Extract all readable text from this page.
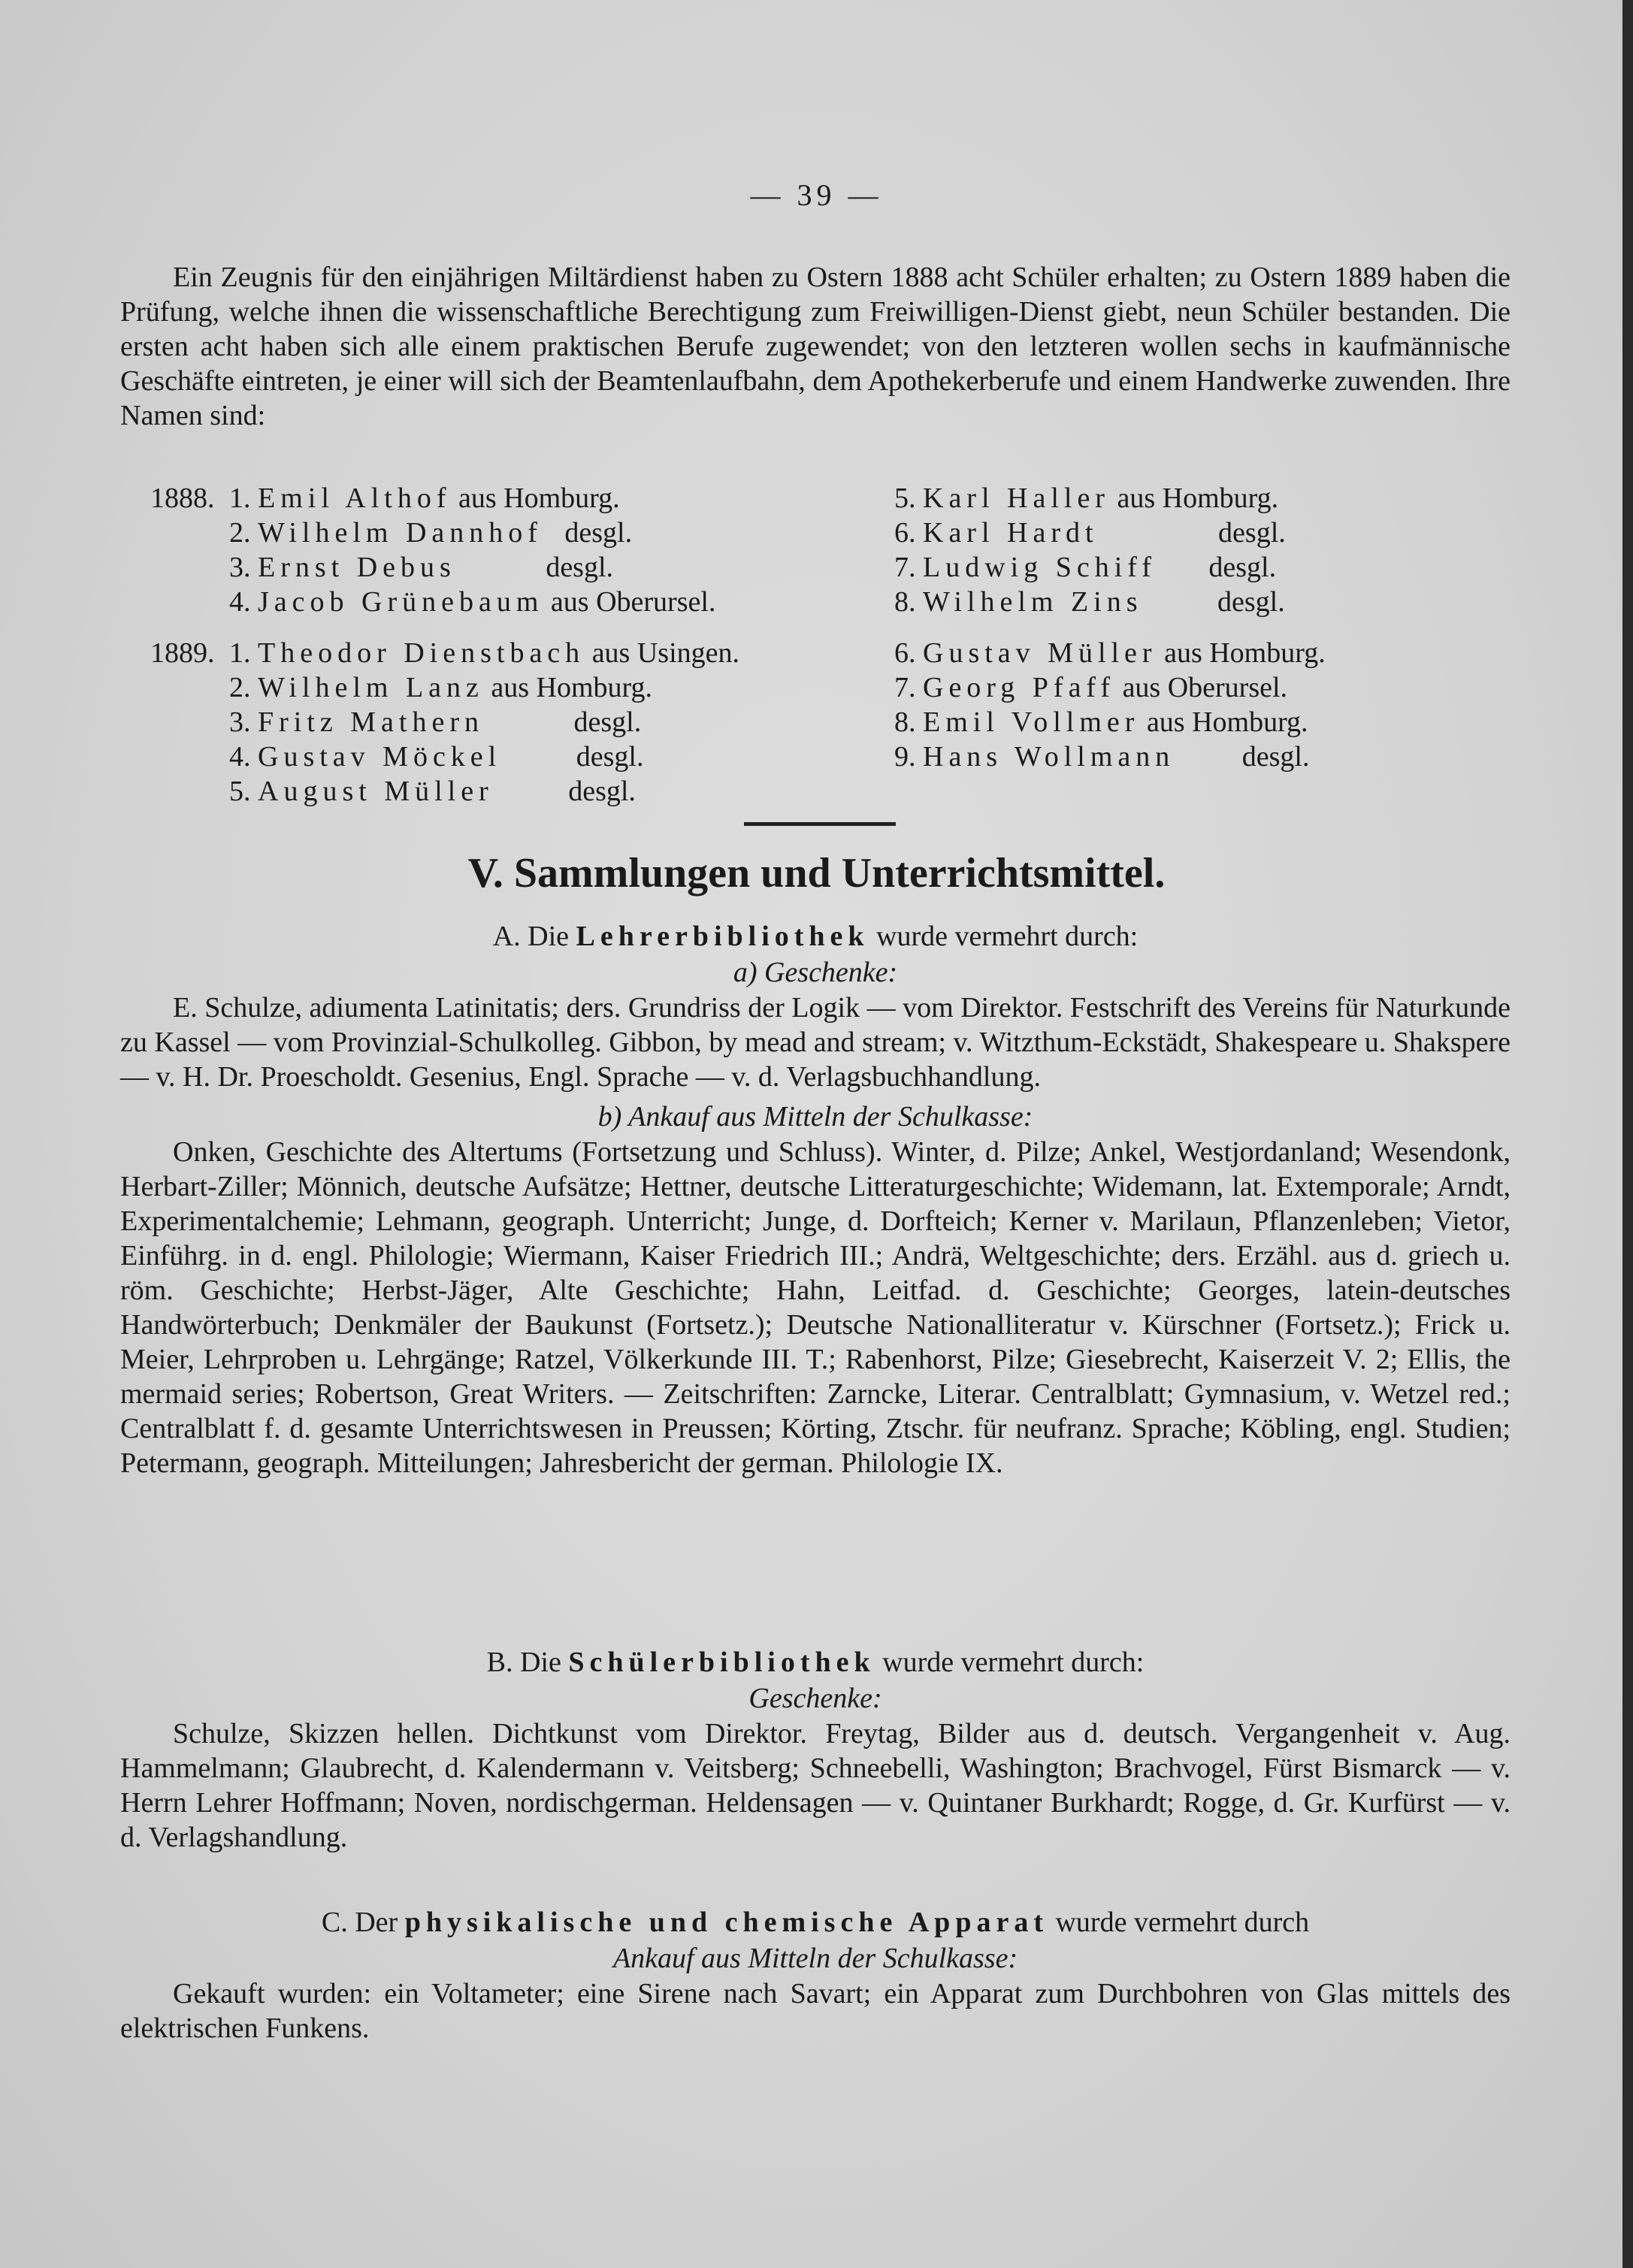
— 39 —

Ein Zeugnis für den einjährigen Miltärdienst haben zu Ostern 1888 acht Schüler erhalten; zu Ostern 1889 haben die Prüfung, welche ihnen die wissenschaftliche Berechtigung zum Freiwilligen-Dienst giebt, neun Schüler bestanden. Die ersten acht haben sich alle einem praktischen Berufe zugewendet; von den letzteren wollen sechs in kaufmännische Geschäfte eintreten, je einer will sich der Beamtenlaufbahn, dem Apothekerberufe und einem Handwerke zuwenden. Ihre Namen sind:

1888. 1. Emil Althof aus Homburg.
2. Wilhelm Dannhof desgl.
3. Ernst Debus	desgl.
4. Jacob Grünebaum aus Oberursel.
5. Karl Haller aus Homburg.
6. Karl Hardt	desgl.
7. Ludwig Schiff desgl.
8. Wilhelm Zins	desgl.
1889. 1. Theodor Dienstbach aus Usingen.
2. Wilhelm Lanz aus Homburg.
3. Fritz Mathern	desgl.
4. Gustav Möckel	desgl.
5. August Müller	desgl.
6. Gustav Müller aus Homburg.
7. Georg Pfaff aus Oberursel.
8. Emil Vollmer aus Homburg.
9. Hans Wollmann desgl.
V. Sammlungen und Unterrichtsmittel.

A. Die Lehrerbibliothek wurde vermehrt durch:

a) Geschenke:

E. Schulze, adiumenta Latinitatis; ders. Grundriss der Logik — vom Direktor. Festschrift des Vereins für Naturkunde zu Kassel — vom Provinzial-Schulkolleg. Gibbon, by mead and stream; v. Witzthum-Eckstädt, Shakespeare u. Shakspere — v. H. Dr. Proescholdt. Gesenius, Engl. Sprache — v. d. Verlagsbuchhandlung.

b) Ankauf aus Mitteln der Schulkasse:

Onken, Geschichte des Altertums (Fortsetzung und Schluss). Winter, d. Pilze; Ankel, Westjordanland; Wesendonk, Herbart-Ziller; Mönnich, deutsche Aufsätze; Hettner, deutsche Litteraturgeschichte; Widemann, lat. Extemporale; Arndt, Experimentalchemie; Lehmann, geograph. Unterricht; Junge, d. Dorfteich; Kerner v. Marilaun, Pflanzenleben; Vietor, Einführg. in d. engl. Philologie; Wiermann, Kaiser Friedrich III.; Andrä, Weltgeschichte; ders. Erzähl. aus d. griech u. röm. Geschichte; Herbst-Jäger, Alte Geschichte; Hahn, Leitfad. d. Geschichte; Georges, latein-deutsches Handwörterbuch; Denkmäler der Baukunst (Fortsetz.); Deutsche Nationalliteratur v. Kürschner (Fortsetz.); Frick u. Meier, Lehrproben u. Lehrgänge; Ratzel, Völkerkunde III. T.; Rabenhorst, Pilze; Giesebrecht, Kaiserzeit V. 2; Ellis, the mermaid series; Robertson, Great Writers. — Zeitschriften: Zarncke, Literar. Centralblatt; Gymnasium, v. Wetzel red.; Centralblatt f. d. gesamte Unterrichtswesen in Preussen; Körting, Ztschr. für neufranz. Sprache; Köbling, engl. Studien; Petermann, geograph. Mitteilungen; Jahresbericht der german. Philologie IX.

B. Die Schülerbibliothek wurde vermehrt durch:

Geschenke:

Schulze, Skizzen hellen. Dichtkunst vom Direktor. Freytag, Bilder aus d. deutsch. Vergangenheit v. Aug. Hammelmann; Glaubrecht, d. Kalendermann v. Veitsberg; Schneebelli, Washington; Brachvogel, Fürst Bismarck — v. Herrn Lehrer Hoffmann; Noven, nordischgerman. Heldensagen — v. Quintaner Burkhardt; Rogge, d. Gr. Kurfürst — v. d. Verlagshandlung.

C. Der physikalische und chemische Apparat wurde vermehrt durch

Ankauf aus Mitteln der Schulkasse:

Gekauft wurden: ein Voltameter; eine Sirene nach Savart; ein Apparat zum Durchbohren von Glas mittels des elektrischen Funkens.
